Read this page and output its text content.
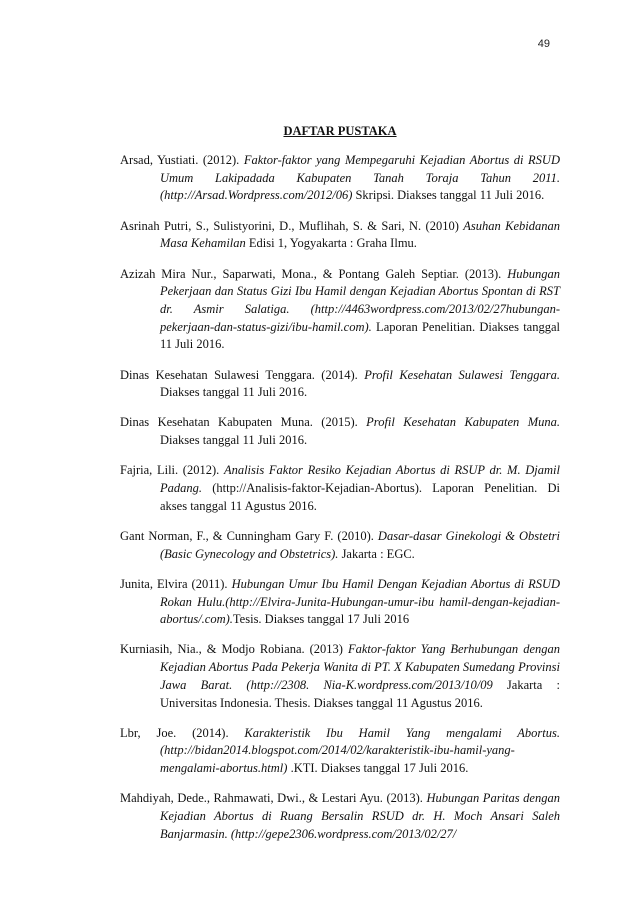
49
DAFTAR PUSTAKA

Arsad, Yustiati. (2012). Faktor-faktor yang Mempegaruhi Kejadian Abortus di RSUD Umum Lakipadada Kabupaten Tanah Toraja Tahun 2011. (http://Arsad.Wordpress.com/2012/06) Skripsi. Diakses tanggal 11 Juli 2016.

Asrinah Putri, S., Sulistyorini, D., Muflihah, S. & Sari, N. (2010) Asuhan Kebidanan Masa Kehamilan Edisi 1, Yogyakarta : Graha Ilmu.

Azizah Mira Nur., Saparwati, Mona., & Pontang Galeh Septiar. (2013). Hubungan Pekerjaan dan Status Gizi Ibu Hamil dengan Kejadian Abortus Spontan di RST dr. Asmir Salatiga. (http://4463wordpress.com/2013/02/27hubungan-pekerjaan-dan-status-gizi/ibu-hamil.com). Laporan Penelitian. Diakses tanggal 11 Juli 2016.

Dinas Kesehatan Sulawesi Tenggara. (2014). Profil Kesehatan Sulawesi Tenggara. Diakses tanggal 11 Juli 2016.

Dinas Kesehatan Kabupaten Muna. (2015). Profil Kesehatan Kabupaten Muna. Diakses tanggal 11 Juli 2016.

Fajria, Lili. (2012). Analisis Faktor Resiko Kejadian Abortus di RSUP dr. M. Djamil Padang. (http://Analisis-faktor-Kejadian-Abortus). Laporan Penelitian. Di akses tanggal 11 Agustus 2016.

Gant Norman, F., & Cunningham Gary F. (2010). Dasar-dasar Ginekologi & Obstetri (Basic Gynecology and Obstetrics). Jakarta : EGC.

Junita, Elvira (2011). Hubungan Umur Ibu Hamil Dengan Kejadian Abortus di RSUD Rokan Hulu.(http://Elvira-Junita-Hubungan-umur-ibu hamil-dengan-kejadian-abortus/.com).Tesis. Diakses tanggal 17 Juli 2016

Kurniasih, Nia., & Modjo Robiana. (2013) Faktor-faktor Yang Berhubungan dengan Kejadian Abortus Pada Pekerja Wanita di PT. X Kabupaten Sumedang Provinsi Jawa Barat. (http://2308. Nia-K.wordpress.com/2013/10/09 Jakarta : Universitas Indonesia. Thesis. Diakses tanggal 11 Agustus 2016.

Lbr, Joe. (2014). Karakteristik Ibu Hamil Yang mengalami Abortus. (http://bidan2014.blogspot.com/2014/02/karakteristik-ibu-hamil-yang-mengalami-abortus.html) .KTI. Diakses tanggal 17 Juli 2016.

Mahdiyah, Dede., Rahmawati, Dwi., & Lestari Ayu. (2013). Hubungan Paritas dengan Kejadian Abortus di Ruang Bersalin RSUD dr. H. Moch Ansari Saleh Banjarmasin. (http://gepe2306.wordpress.com/2013/02/27/
